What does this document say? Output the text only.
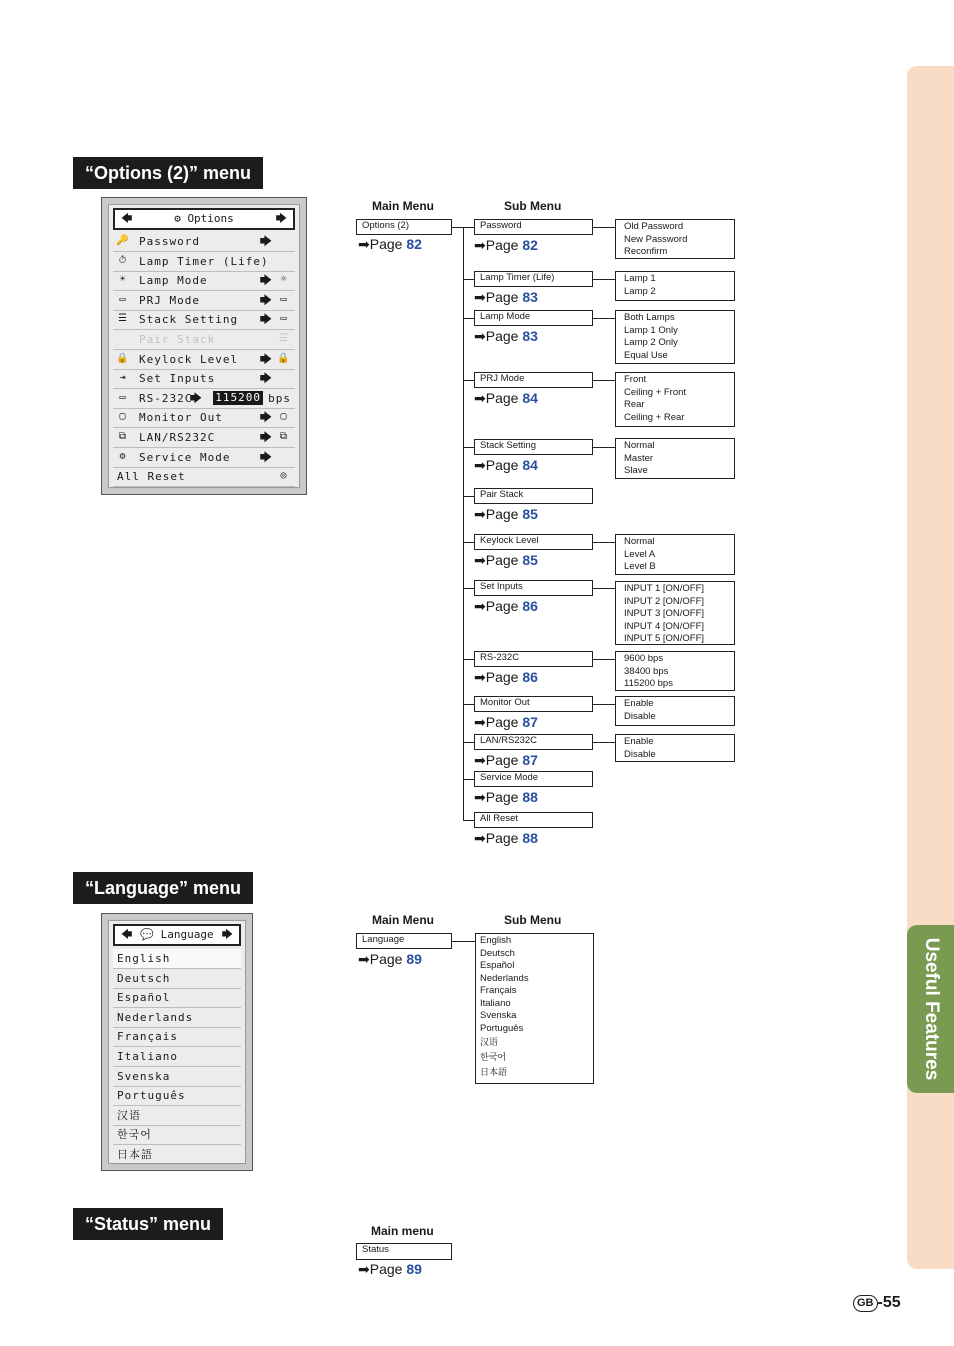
Useful Features
“Options (2)” menu
“Language” menu
“Status” menu
🡄	⚙ Options	🡆
🔑 Password	🡆
⏱ Lamp Timer (Life)
☀	Lamp Mode	🡆 ☼
▭	PRJ Mode	🡆 ▭
☰ Stack Setting 🡆 ▭
Pair Stack	☰
🔒 Keylock Level 🡆 🔒
⇥	Set Inputs	🡆
▭	RS-232C
🡆 115200 bps
▢	Monitor Out	🡆 ▢
⧉ LAN/RS232C	🡆 ⧉
⚙	Service Mode 🡆
All Reset	◎
🡄 💬 Language 🡆
English
Deutsch
Español
Nederlands
Français
Italiano
Svenska
Português
汉语
한국어
日本語
Main Menu	Sub Menu
Main Menu	Sub Menu
Main menu
Options (2)
➡Page 82
Password
➡Page 82
Old Password
New Password
Reconfirm
Lamp Timer (Life)
➡Page 83
Lamp 1
Lamp 2
Lamp Mode
➡Page 83
Both Lamps
Lamp 1 Only
Lamp 2 Only
Equal Use
PRJ Mode
➡Page 84
Front
Ceiling + Front
Rear
Ceiling + Rear
Stack Setting
➡Page 84
Normal
Master
Slave
Pair Stack
➡Page 85
Keylock Level
➡Page 85
Normal
Level A
Level B
Set Inputs
➡Page 86
INPUT 1 [ON/OFF]
INPUT 2 [ON/OFF]
INPUT 3 [ON/OFF]
INPUT 4 [ON/OFF]
INPUT 5 [ON/OFF]
RS-232C
➡Page 86
9600 bps
38400 bps
115200 bps
Monitor Out
➡Page 87
Enable
Disable
LAN/RS232C
➡Page 87
Enable
Disable
Service Mode
➡Page 88
All Reset
➡Page 88
Language
➡Page 89
English
Deutsch
Español
Nederlands
Français
Italiano
Svenska
Português
汉语
한국어
日本語
Status
➡Page 89
GB -55
